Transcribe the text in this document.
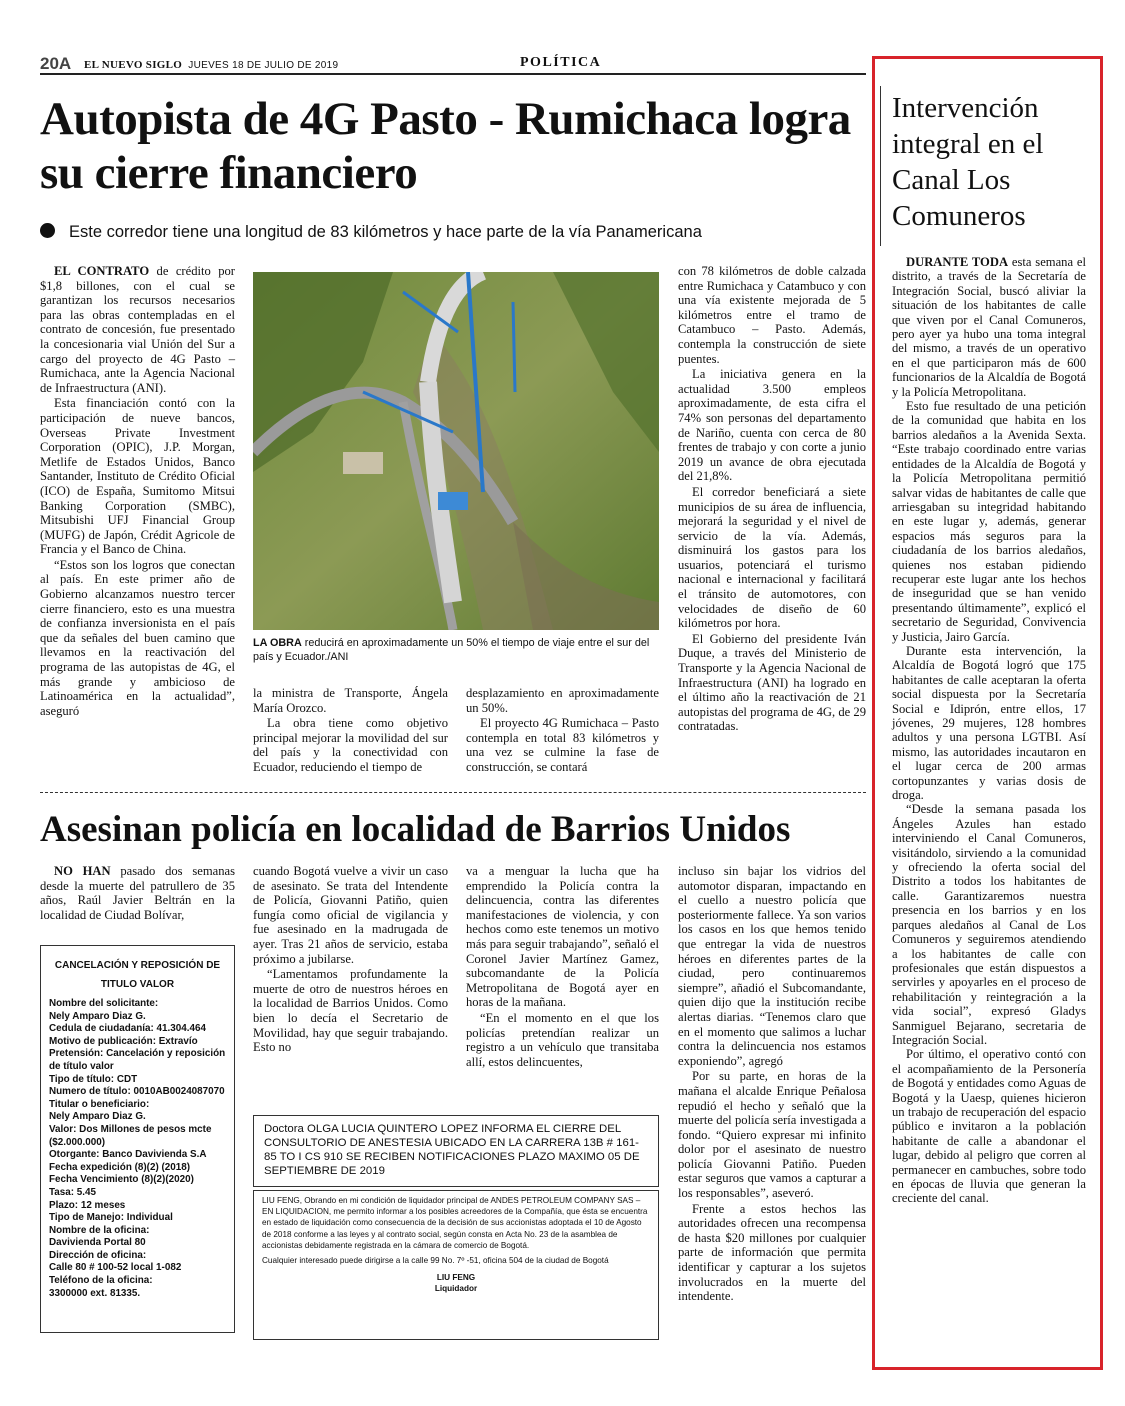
20A EL NUEVO SIGLO JUEVES 18 DE JULIO DE 2019	POLÍTICA
Autopista de 4G Pasto - Rumichaca logra su cierre financiero
Este corredor tiene una longitud de 83 kilómetros y hace parte de la vía Panamericana

EL CONTRATO de crédito por $1,8 billones, con el cual se garantizan los recursos necesarios para las obras contempladas en el contrato de concesión, fue presentado la concesionaria vial Unión del Sur a cargo del proyecto de 4G Pasto – Rumichaca, ante la Agencia Nacional de Infraestructura (ANI).

Esta financiación contó con la participación de nueve bancos, Overseas Private Investment Corporation (OPIC), J.P. Morgan, Metlife de Estados Unidos, Banco Santander, Instituto de Crédito Oficial (ICO) de España, Sumitomo Mitsui Banking Corporation (SMBC), Mitsubishi UFJ Financial Group (MUFG) de Japón, Crédit Agricole de Francia y el Banco de China.

“Estos son los logros que conectan al país. En este primer año de Gobierno alcanzamos nuestro tercer cierre financiero, esto es una muestra de confianza inversionista en el país que da señales del buen camino que llevamos en la reactivación del programa de las autopistas de 4G, el más grande y ambicioso de Latinoamérica en la actualidad”, aseguró

LA OBRA reducirá en aproximadamente un 50% el tiempo de viaje entre el sur del país y Ecuador./ANI

la ministra de Transporte, Ángela María Orozco.

La obra tiene como objetivo principal mejorar la movilidad del sur del país y la conectividad con Ecuador, reduciendo el tiempo de

desplazamiento en aproximadamente un 50%.

El proyecto 4G Rumichaca – Pasto contempla en total 83 kilómetros y una vez se culmine la fase de construcción, se contará

con 78 kilómetros de doble calzada entre Rumichaca y Catambuco y con una vía existente mejorada de 5 kilómetros entre el tramo de Catambuco – Pasto. Además, contempla la construcción de siete puentes.

La iniciativa genera en la actualidad 3.500 empleos aproximadamente, de esta cifra el 74% son personas del departamento de Nariño, cuenta con cerca de 80 frentes de trabajo y con corte a junio 2019 un avance de obra ejecutada del 21,8%.

El corredor beneficiará a siete municipios de su área de influencia, mejorará la seguridad y el nivel de servicio de la vía. Además, disminuirá los gastos para los usuarios, potenciará el turismo nacional e internacional y facilitará el tránsito de automotores, con velocidades de diseño de 60 kilómetros por hora.

El Gobierno del presidente Iván Duque, a través del Ministerio de Transporte y la Agencia Nacional de Infraestructura (ANI) ha logrado en el último año la reactivación de 21 autopistas del programa de 4G, de 29 contratadas.

Asesinan policía en localidad de Barrios Unidos

NO HAN pasado dos semanas desde la muerte del patrullero de 35 años, Raúl Javier Beltrán en la localidad de Ciudad Bolívar,

CANCELACIÓN Y REPOSICIÓN DE TITULO VALOR
Nombre del solicitante:
Nely Amparo Diaz G.
Cedula de ciudadanía: 41.304.464
Motivo de publicación: Extravío
Pretensión: Cancelación y reposición de título valor
Tipo de título: CDT
Numero de título: 0010AB0024087070
Titular o beneficiario:
Nely Amparo Diaz G.
Valor: Dos Millones de pesos mcte ($2.000.000)
Otorgante: Banco Davivienda S.A
Fecha expedición (8)(2) (2018)
Fecha Vencimiento (8)(2)(2020)
Tasa: 5.45
Plazo: 12 meses
Tipo de Manejo: Individual
Nombre de la oficina:
Davivienda Portal 80
Dirección de oficina:
Calle 80 # 100-52 local 1-082
Teléfono de la oficina:
3300000 ext. 81335.

cuando Bogotá vuelve a vivir un caso de asesinato. Se trata del Intendente de Policía, Giovanni Patiño, quien fungía como oficial de vigilancia y fue asesinado en la madrugada de ayer. Tras 21 años de servicio, estaba próximo a jubilarse.

“Lamentamos profundamente la muerte de otro de nuestros héroes en la localidad de Barrios Unidos. Como bien lo decía el Secretario de Movilidad, hay que seguir trabajando. Esto no

va a menguar la lucha que ha emprendido la Policía contra la delincuencia, contra las diferentes manifestaciones de violencia, y con hechos como este tenemos un motivo más para seguir trabajando”, señaló el Coronel Javier Martínez Gamez, subcomandante de la Policía Metropolitana de Bogotá ayer en horas de la mañana.

“En el momento en el que los policías pretendían realizar un registro a un vehículo que transitaba allí, estos delincuentes,

Doctora OLGA LUCIA QUINTERO LOPEZ INFORMA EL CIERRE DEL CONSULTORIO DE ANESTESIA UBICADO EN LA CARRERA 13B # 161-85 TO I CS 910 SE RECIBEN NOTIFICACIONES PLAZO MAXIMO 05 DE SEPTIEMBRE DE 2019
LIU FENG, Obrando en mi condición de liquidador principal de ANDES PETROLEUM COMPANY SAS –EN LIQUIDACION, me permito informar a los posibles acreedores de la Compañía, que ésta se encuentra en estado de liquidación como consecuencia de la decisión de sus accionistas adoptada el 10 de Agosto de 2018 conforme a las leyes y al contrato social, según consta en Acta No. 23 de la asamblea de accionistas debidamente registrada en la cámara de comercio de Bogotá.
Cualquier interesado puede dirigirse a la calle 99 No. 7º -51, oficina 504 de la ciudad de Bogotá
LIU FENG
Liquidador

incluso sin bajar los vidrios del automotor disparan, impactando en el cuello a nuestro policía que posteriormente fallece. Ya son varios los casos en los que hemos tenido que entregar la vida de nuestros héroes en diferentes partes de la ciudad, pero continuaremos siempre”, añadió el Subcomandante, quien dijo que la institución recibe alertas diarias. “Tenemos claro que en el momento que salimos a luchar contra la delincuencia nos estamos exponiendo”, agregó

Por su parte, en horas de la mañana el alcalde Enrique Peñalosa repudió el hecho y señaló que la muerte del policía sería investigada a fondo. “Quiero expresar mi infinito dolor por el asesinato de nuestro policía Giovanni Patiño. Pueden estar seguros que vamos a capturar a los responsables”, aseveró.

Frente a estos hechos las autoridades ofrecen una recompensa de hasta $20 millones por cualquier parte de información que permita identificar y capturar a los sujetos involucrados en la muerte del intendente.

Intervención integral en el Canal Los Comuneros

DURANTE TODA esta semana el distrito, a través de la Secretaría de Integración Social, buscó aliviar la situación de los habitantes de calle que viven por el Canal Comuneros, pero ayer ya hubo una toma integral del mismo, a través de un operativo en el que participaron más de 600 funcionarios de la Alcaldía de Bogotá y la Policía Metropolitana.

Esto fue resultado de una petición de la comunidad que habita en los barrios aledaños a la Avenida Sexta. “Este trabajo coordinado entre varias entidades de la Alcaldía de Bogotá y la Policía Metropolitana permitió salvar vidas de habitantes de calle que arriesgaban su integridad habitando en este lugar y, además, generar espacios más seguros para la ciudadanía de los barrios aledaños, quienes nos estaban pidiendo recuperar este lugar ante los hechos de inseguridad que se han venido presentando últimamente”, explicó el secretario de Seguridad, Convivencia y Justicia, Jairo García.

Durante esta intervención, la Alcaldía de Bogotá logró que 175 habitantes de calle aceptaran la oferta social dispuesta por la Secretaría Social e Idiprón, entre ellos, 17 jóvenes, 29 mujeres, 128 hombres adultos y una persona LGTBI. Así mismo, las autoridades incautaron en el lugar cerca de 200 armas cortopunzantes y varias dosis de droga.

“Desde la semana pasada los Ángeles Azules han estado interviniendo el Canal Comuneros, visitándolo, sirviendo a la comunidad y ofreciendo la oferta social del Distrito a todos los habitantes de calle. Garantizaremos nuestra presencia en los barrios y en los parques aledaños al Canal de Los Comuneros y seguiremos atendiendo a los habitantes de calle con profesionales que están dispuestos a servirles y apoyarles en el proceso de rehabilitación y reintegración a la vida social”, expresó Gladys Sanmiguel Bejarano, secretaria de Integración Social.

Por último, el operativo contó con el acompañamiento de la Personería de Bogotá y entidades como Aguas de Bogotá y la Uaesp, quienes hicieron un trabajo de recuperación del espacio público e invitaron a la población habitante de calle a abandonar el lugar, debido al peligro que corren al permanecer en cambuches, sobre todo en épocas de lluvia que generan la creciente del canal.
